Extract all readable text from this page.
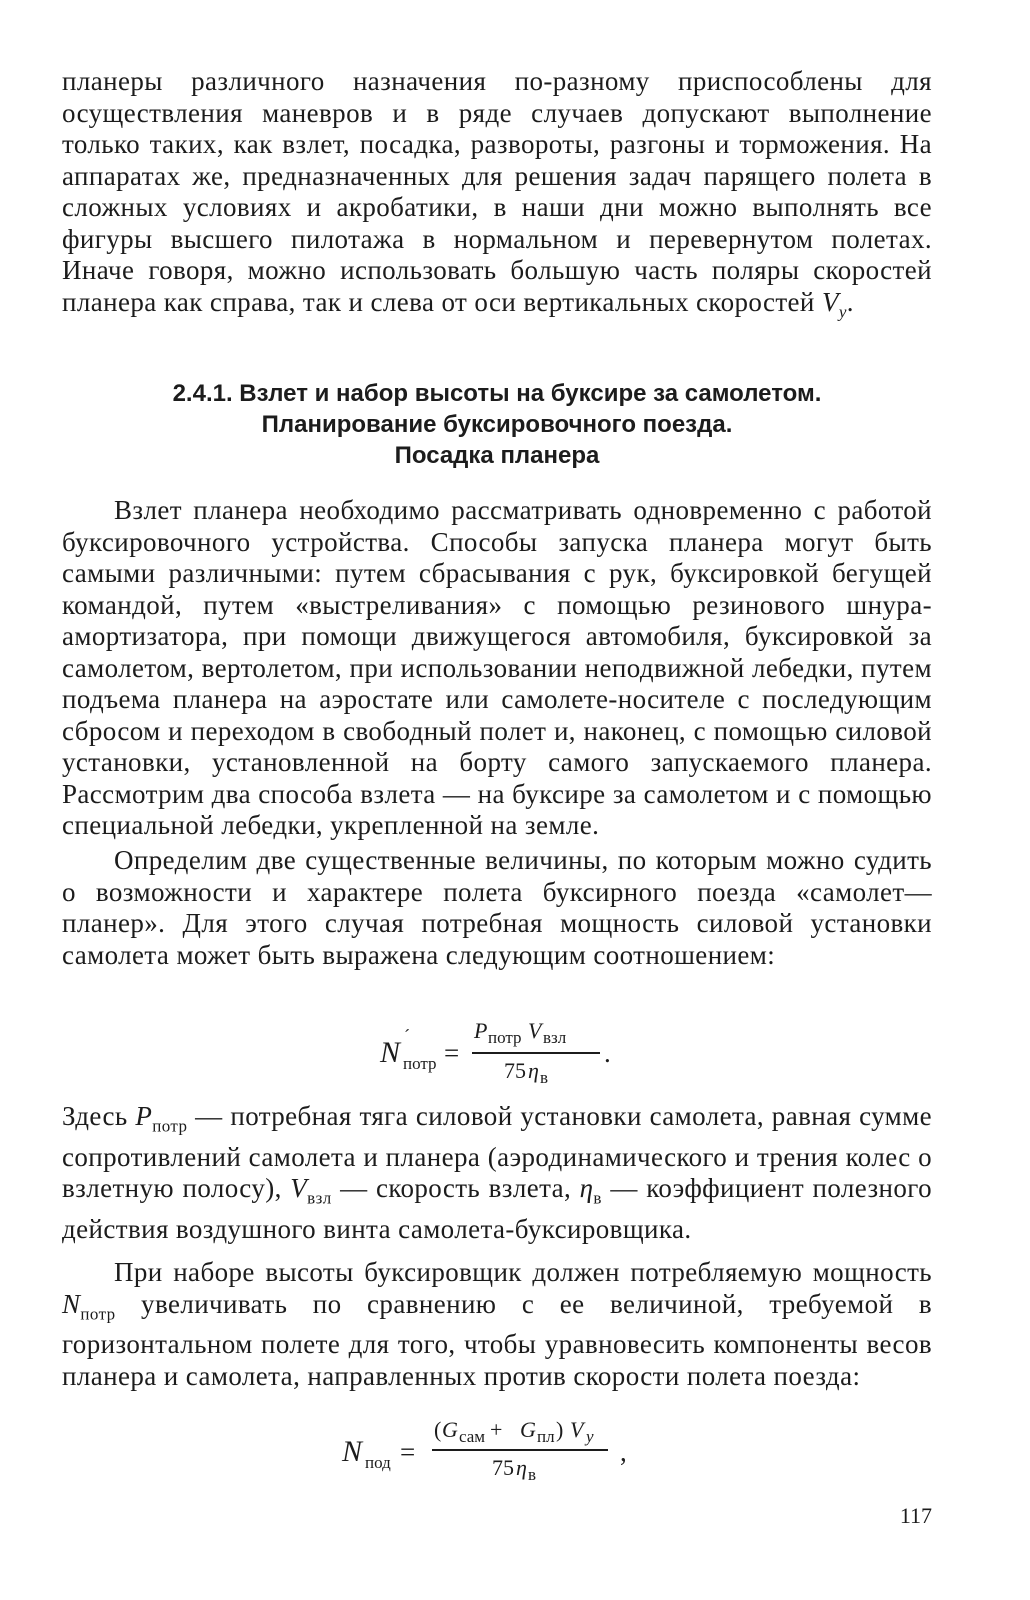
планеры различного назначения по-разному приспособлены для осуществления маневров и в ряде случаев допускают выполнение только таких, как взлет, посадка, развороты, разгоны и торможения. На аппаратах же, предназначенных для решения задач парящего полета в сложных условиях и акробатики, в наши дни можно выполнять все фигуры высшего пилотажа в нормальном и перевернутом полетах. Иначе говоря, можно использовать большую часть поляры скоростей планера как справа, так и слева от оси вертикальных скоростей $V_y$.

2.4.1. Взлет и набор высоты на буксире за самолетом.
Планирование буксировочного поезда.
Посадка планера

Взлет планера необходимо рассматривать одновременно с работой буксировочного устройства. Способы запуска планера могут быть самыми различными: путем сбрасывания с рук, буксировкой бегущей командой, путем «выстреливания» с помощью резинового шнура-амортизатора, при помощи движущегося автомобиля, буксировкой за самолетом, вертолетом, при использовании неподвижной лебедки, путем подъема планера на аэростате или самолете-носителе с последующим сбросом и переходом в свободный полет и, наконец, с помощью силовой установки, установленной на борту самого запускаемого планера. Рассмотрим два способа взлета — на буксире за самолетом и с помощью специальной лебедки, укрепленной на земле.

Определим две существенные величины, по которым можно судить о возможности и характере полета буксирного поезда «самолет—планер». Для этого случая потребная мощность силовой установки самолета может быть выражена следующим соотношением:

N ´
потр =
P потр V взл
75 η в
.

Здесь $P_{потр}$ — потребная тяга силовой установки самолета, равная сумме сопротивлений самолета и планера (аэродинамического и трения колес о взлетную полосу), $V_{взл}$ — скорость взлета, $\eta_в$ — коэффициент полезного действия воздушного винта самолета-буксировщика.

При наборе высоты буксировщик должен потребляемую мощность $N_{потр}$ увеличивать по сравнению с ее величиной, требуемой в горизонтальном полете для того, чтобы уравновесить компоненты весов планера и самолета, направленных против скорости полета поезда:

N под =
( G сам + G пл ) V y
75 η в
,
117
